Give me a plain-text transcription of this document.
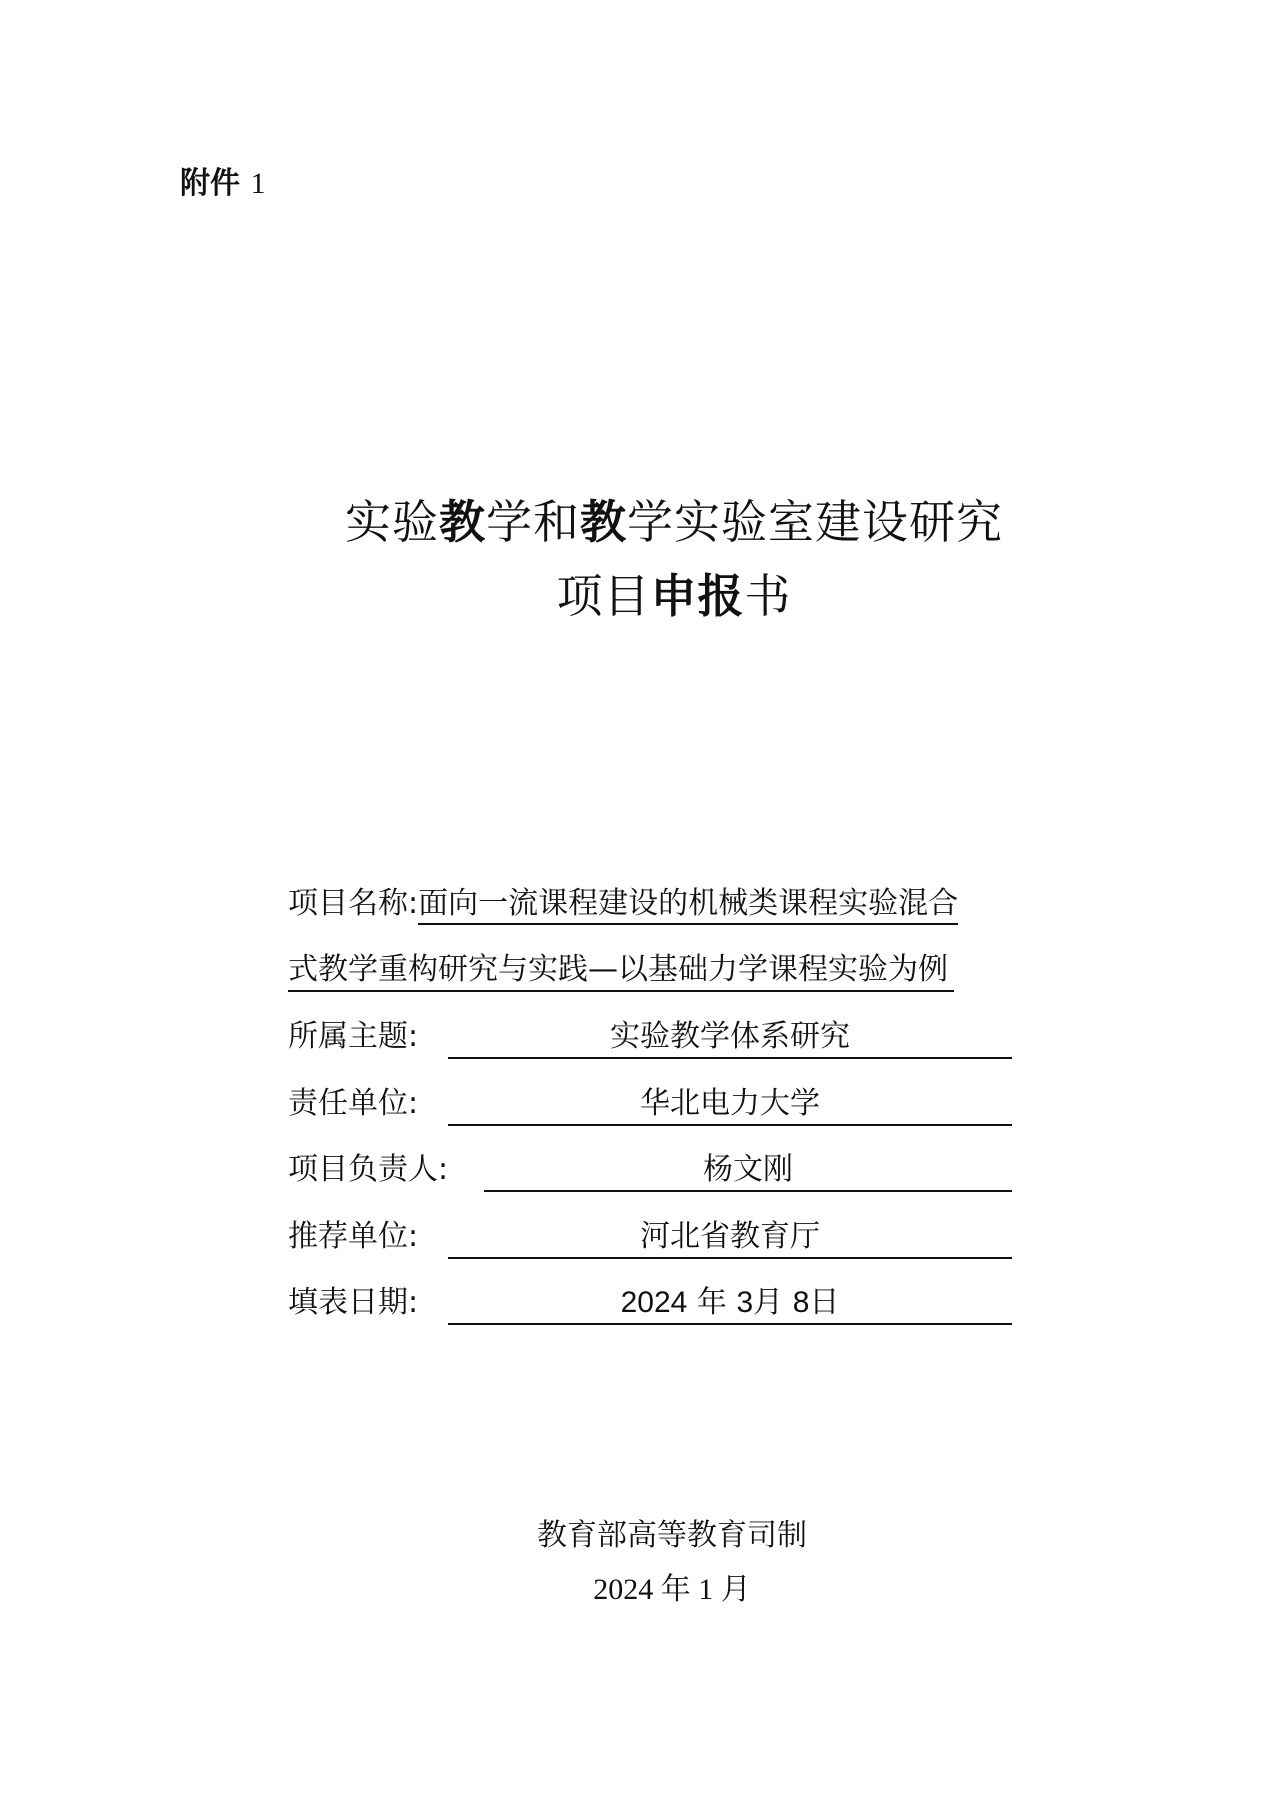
附件 1
实验教学和教学实验室建设研究
项目申报书
项目名称:面向一流课程建设的机械类课程实验混合
式教学重构研究与实践—以基础力学课程实验为例
所属主题:	实验教学体系研究
责任单位:	华北电力大学
项目负责人:	杨文刚
推荐单位:	河北省教育厅
填表日期:	2024 年 3月 8日
教育部高等教育司制
2024 年 1 月
